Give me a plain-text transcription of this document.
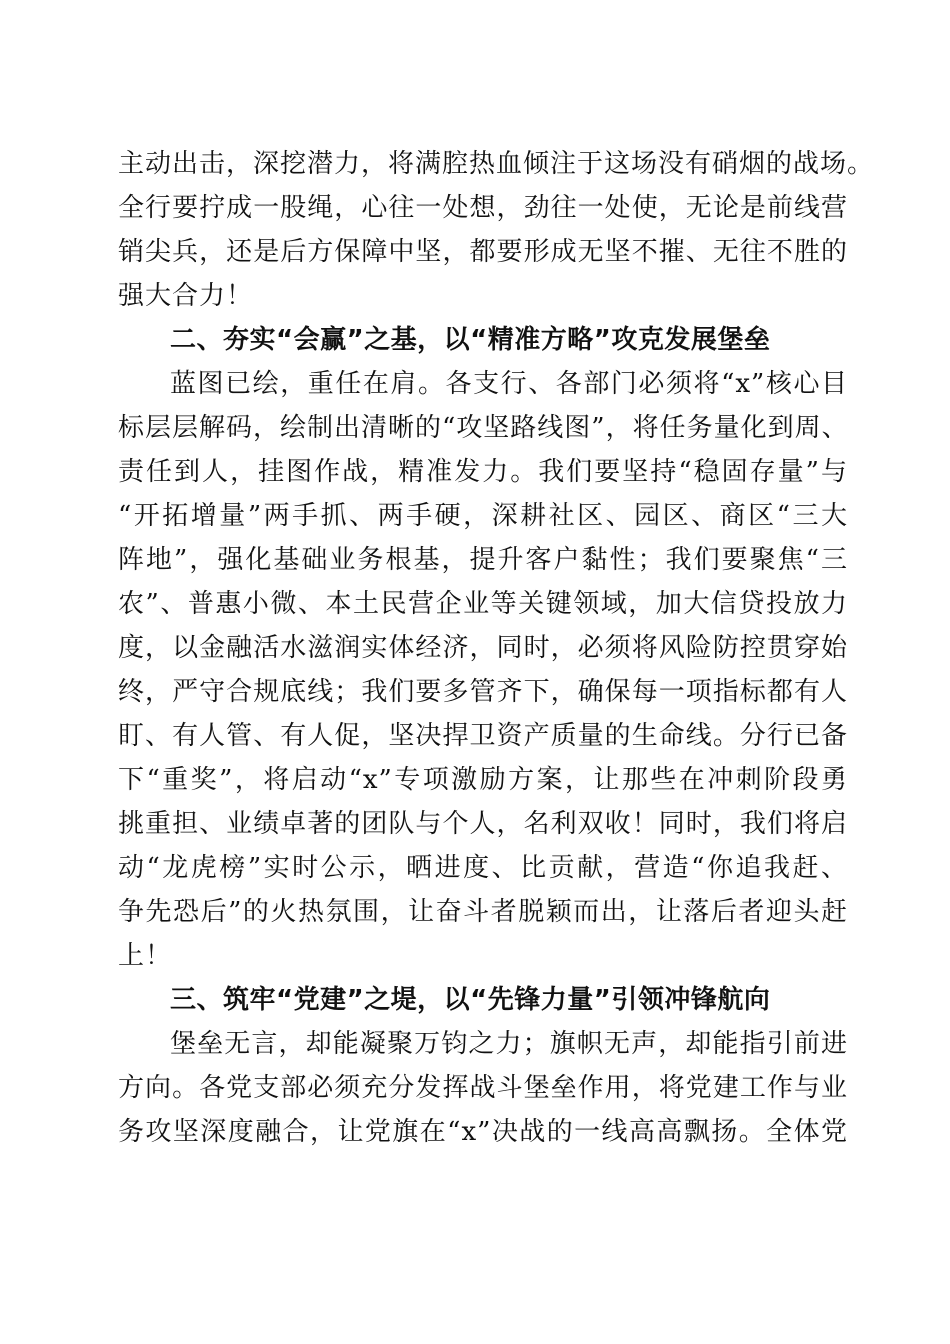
主动出击，深挖潜力，将满腔热血倾注于这场没有硝烟的战场。
全行要拧成一股绳，心往一处想，劲往一处使，无论是前线营
销尖兵，还是后方保障中坚，都要形成无坚不摧、无往不胜的
强大合力！
二、夯实“会赢”之基，以“精准方略”攻克发展堡垒
蓝图已绘，重任在肩。各支行、各部门必须将“x”核心目
标层层解码，绘制出清晰的“攻坚路线图”，将任务量化到周、
责任到人，挂图作战，精准发力。我们要坚持“稳固存量”与
“开拓增量”两手抓、两手硬，深耕社区、园区、商区“三大
阵地”，强化基础业务根基，提升客户黏性；我们要聚焦“三
农”、普惠小微、本土民营企业等关键领域，加大信贷投放力
度，以金融活水滋润实体经济，同时，必须将风险防控贯穿始
终，严守合规底线；我们要多管齐下，确保每一项指标都有人
盯、有人管、有人促，坚决捍卫资产质量的生命线。分行已备
下“重奖”，将启动“x”专项激励方案，让那些在冲刺阶段勇
挑重担、业绩卓著的团队与个人，名利双收！同时，我们将启
动“龙虎榜”实时公示，晒进度、比贡献，营造“你追我赶、
争先恐后”的火热氛围，让奋斗者脱颖而出，让落后者迎头赶
上！
三、筑牢“党建”之堤，以“先锋力量”引领冲锋航向
堡垒无言，却能凝聚万钧之力；旗帜无声，却能指引前进
方向。各党支部必须充分发挥战斗堡垒作用，将党建工作与业
务攻坚深度融合，让党旗在“x”决战的一线高高飘扬。全体党
